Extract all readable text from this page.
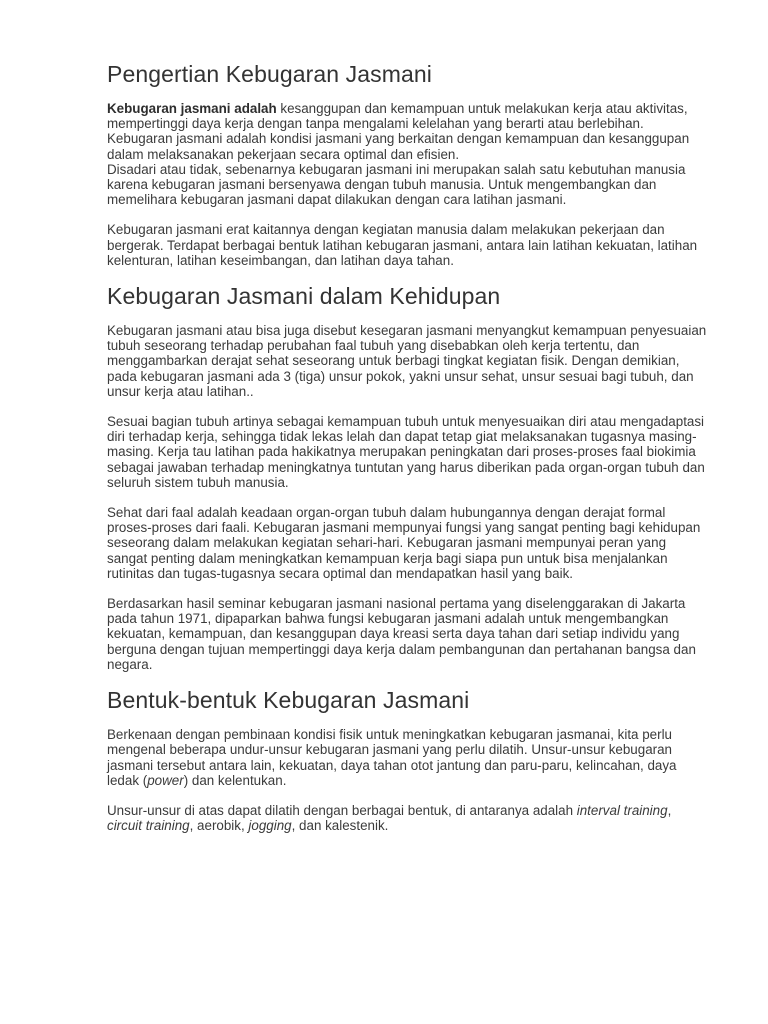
Pengertian Kebugaran Jasmani

Kebugaran jasmani adalah kesanggupan dan kemampuan untuk melakukan kerja atau aktivitas, mempertinggi daya kerja dengan tanpa mengalami kelelahan yang berarti atau berlebihan. Kebugaran jasmani adalah kondisi jasmani yang berkaitan dengan kemampuan dan kesanggupan dalam melaksanakan pekerjaan secara optimal dan efisien.
Disadari atau tidak, sebenarnya kebugaran jasmani ini merupakan salah satu kebutuhan manusia karena kebugaran jasmani bersenyawa dengan tubuh manusia. Untuk mengembangkan dan memelihara kebugaran jasmani dapat dilakukan dengan cara latihan jasmani.

Kebugaran jasmani erat kaitannya dengan kegiatan manusia dalam melakukan pekerjaan dan bergerak. Terdapat berbagai bentuk latihan kebugaran jasmani, antara lain latihan kekuatan, latihan kelenturan, latihan keseimbangan, dan latihan daya tahan.

Kebugaran Jasmani dalam Kehidupan

Kebugaran jasmani atau bisa juga disebut kesegaran jasmani menyangkut kemampuan penyesuaian tubuh seseorang terhadap perubahan faal tubuh yang disebabkan oleh kerja tertentu, dan menggambarkan derajat sehat seseorang untuk berbagi tingkat kegiatan fisik. Dengan demikian, pada kebugaran jasmani ada 3 (tiga) unsur pokok, yakni unsur sehat, unsur sesuai bagi tubuh, dan unsur kerja atau latihan..

Sesuai bagian tubuh artinya sebagai kemampuan tubuh untuk menyesuaikan diri atau mengadaptasi diri terhadap kerja, sehingga tidak lekas lelah dan dapat tetap giat melaksanakan tugasnya masing-masing. Kerja tau latihan pada hakikatnya merupakan peningkatan dari proses-proses faal biokimia sebagai jawaban terhadap meningkatnya tuntutan yang harus diberikan pada organ-organ tubuh dan seluruh sistem tubuh manusia.

Sehat dari faal adalah keadaan organ-organ tubuh dalam hubungannya dengan derajat formal proses-proses dari faali. Kebugaran jasmani mempunyai fungsi yang sangat penting bagi kehidupan seseorang dalam melakukan kegiatan sehari-hari. Kebugaran jasmani mempunyai peran yang sangat penting dalam meningkatkan kemampuan kerja bagi siapa pun untuk bisa menjalankan rutinitas dan tugas-tugasnya secara optimal dan mendapatkan hasil yang baik.

Berdasarkan hasil seminar kebugaran jasmani nasional pertama yang diselenggarakan di Jakarta pada tahun 1971, dipaparkan bahwa fungsi kebugaran jasmani adalah untuk mengembangkan kekuatan, kemampuan, dan kesanggupan daya kreasi serta daya tahan dari setiap individu yang berguna dengan tujuan mempertinggi daya kerja dalam pembangunan dan pertahanan bangsa dan negara.

Bentuk-bentuk Kebugaran Jasmani

Berkenaan dengan pembinaan kondisi fisik untuk meningkatkan kebugaran jasmanai, kita perlu mengenal beberapa undur-unsur kebugaran jasmani yang perlu dilatih. Unsur-unsur kebugaran jasmani tersebut antara lain, kekuatan, daya tahan otot jantung dan paru-paru, kelincahan, daya ledak (power) dan kelentukan.

Unsur-unsur di atas dapat dilatih dengan berbagai bentuk, di antaranya adalah interval training, circuit training, aerobik, jogging, dan kalestenik.
